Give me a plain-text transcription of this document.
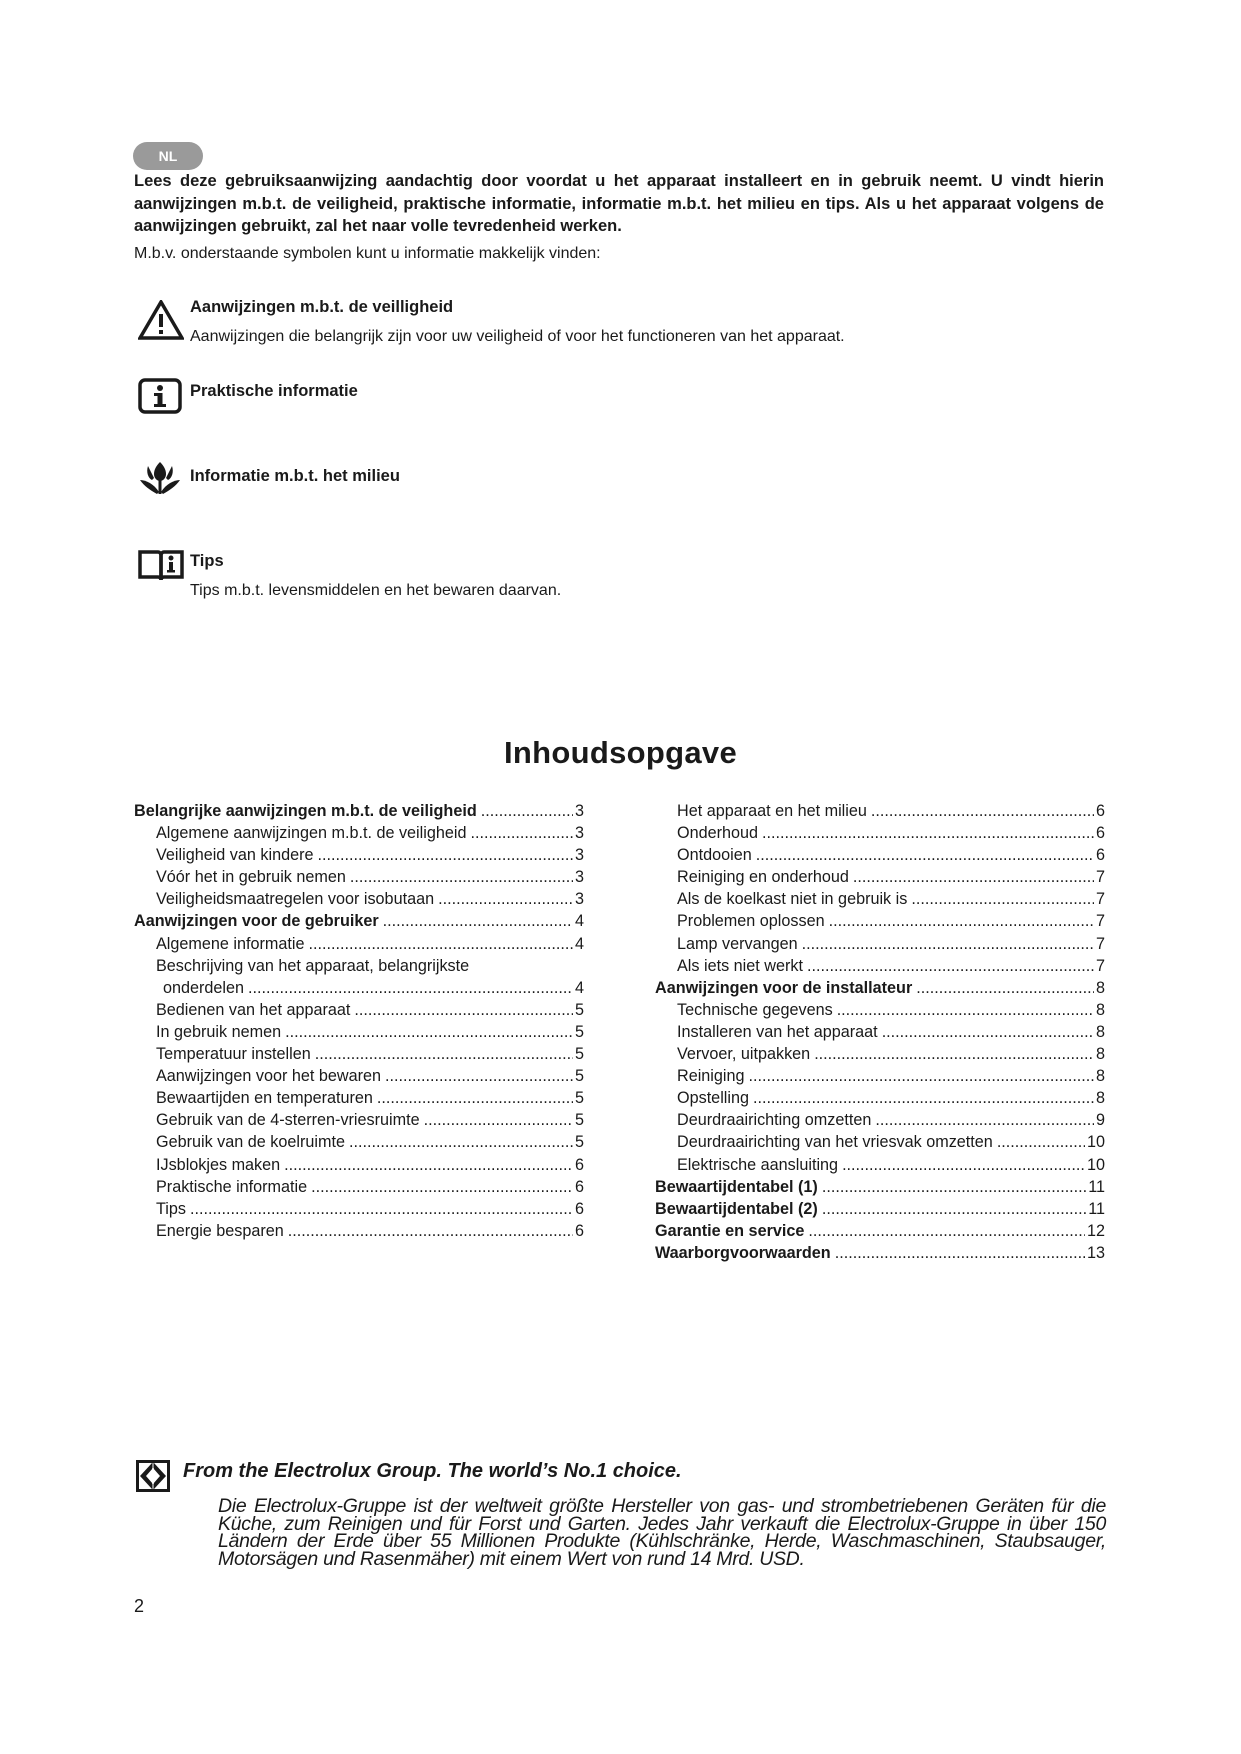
NL

Lees deze gebruiksaanwijzing aandachtig door voordat u het apparaat installeert en in gebruik neemt. U vindt hierin aanwijzingen m.b.t. de veiligheid, praktische informatie, informatie m.b.t. het milieu en tips. Als u het apparaat volgens de aanwijzingen gebruikt, zal het naar volle tevredenheid werken.

M.b.v. onderstaande symbolen kunt u informatie makkelijk vinden:
Aanwijzingen m.b.t. de veilligheid
Aanwijzingen die belangrijk zijn voor uw veiligheid of voor het functioneren van het apparaat.
Praktische informatie
Informatie m.b.t. het milieu
Tips
Tips m.b.t. levensmiddelen en het bewaren daarvan.
Inhoudsopgave
Belangrijke aanwijzingen m.b.t. de veiligheid .....	3
Algemene aanwijzingen m.b.t. de veiligheid .....	3
Veiligheid van kindere .....	3
Vóór het in gebruik nemen .....	3
Veiligheidsmaatregelen voor isobutaan .....	3
Aanwijzingen voor de gebruiker .....	4
Algemene informatie .....	4
Beschrijving van het apparaat, belangrijkste
onderdelen .....	4
Bedienen van het apparaat .....	5
In gebruik nemen .....	5
Temperatuur instellen .....	5
Aanwijzingen voor het bewaren .....	5
Bewaartijden en temperaturen .....	5
Gebruik van de 4-sterren-vriesruimte .....	5
Gebruik van de koelruimte .....	5
IJsblokjes maken .....	6
Praktische informatie .....	6
Tips .....	6
Energie besparen .....	6
Het apparaat en het milieu .....	6
Onderhoud .....	6
Ontdooien .....	6
Reiniging en onderhoud .....	7
Als de koelkast niet in gebruik is .....	7
Problemen oplossen .....	7
Lamp vervangen .....	7
Als iets niet werkt .....	7
Aanwijzingen voor de installateur .....	8
Technische gegevens .....	8
Installeren van het apparaat .....	8
Vervoer, uitpakken .....	8
Reiniging .....	8
Opstelling .....	8
Deurdraairichting omzetten .....	9
Deurdraairichting van het vriesvak omzetten .....	10
Elektrische aansluiting .....	10
Bewaartijdentabel (1) .....	11
Bewaartijdentabel (2) .....	11
Garantie en service .....	12
Waarborgvoorwaarden .....	13
From the Electrolux Group. The world’s No.1 choice.

Die Electrolux-Gruppe ist der weltweit größte Hersteller von gas- und strombetriebenen Geräten für die Küche, zum Reinigen und für Forst und Garten. Jedes Jahr verkauft die Electrolux-Gruppe in über 150 Ländern der Erde über 55 Millionen Produkte (Kühlschränke, Herde, Waschmaschinen, Staubsauger, Motorsägen und Rasenmäher) mit einem Wert von rund 14 Mrd. USD.

2
